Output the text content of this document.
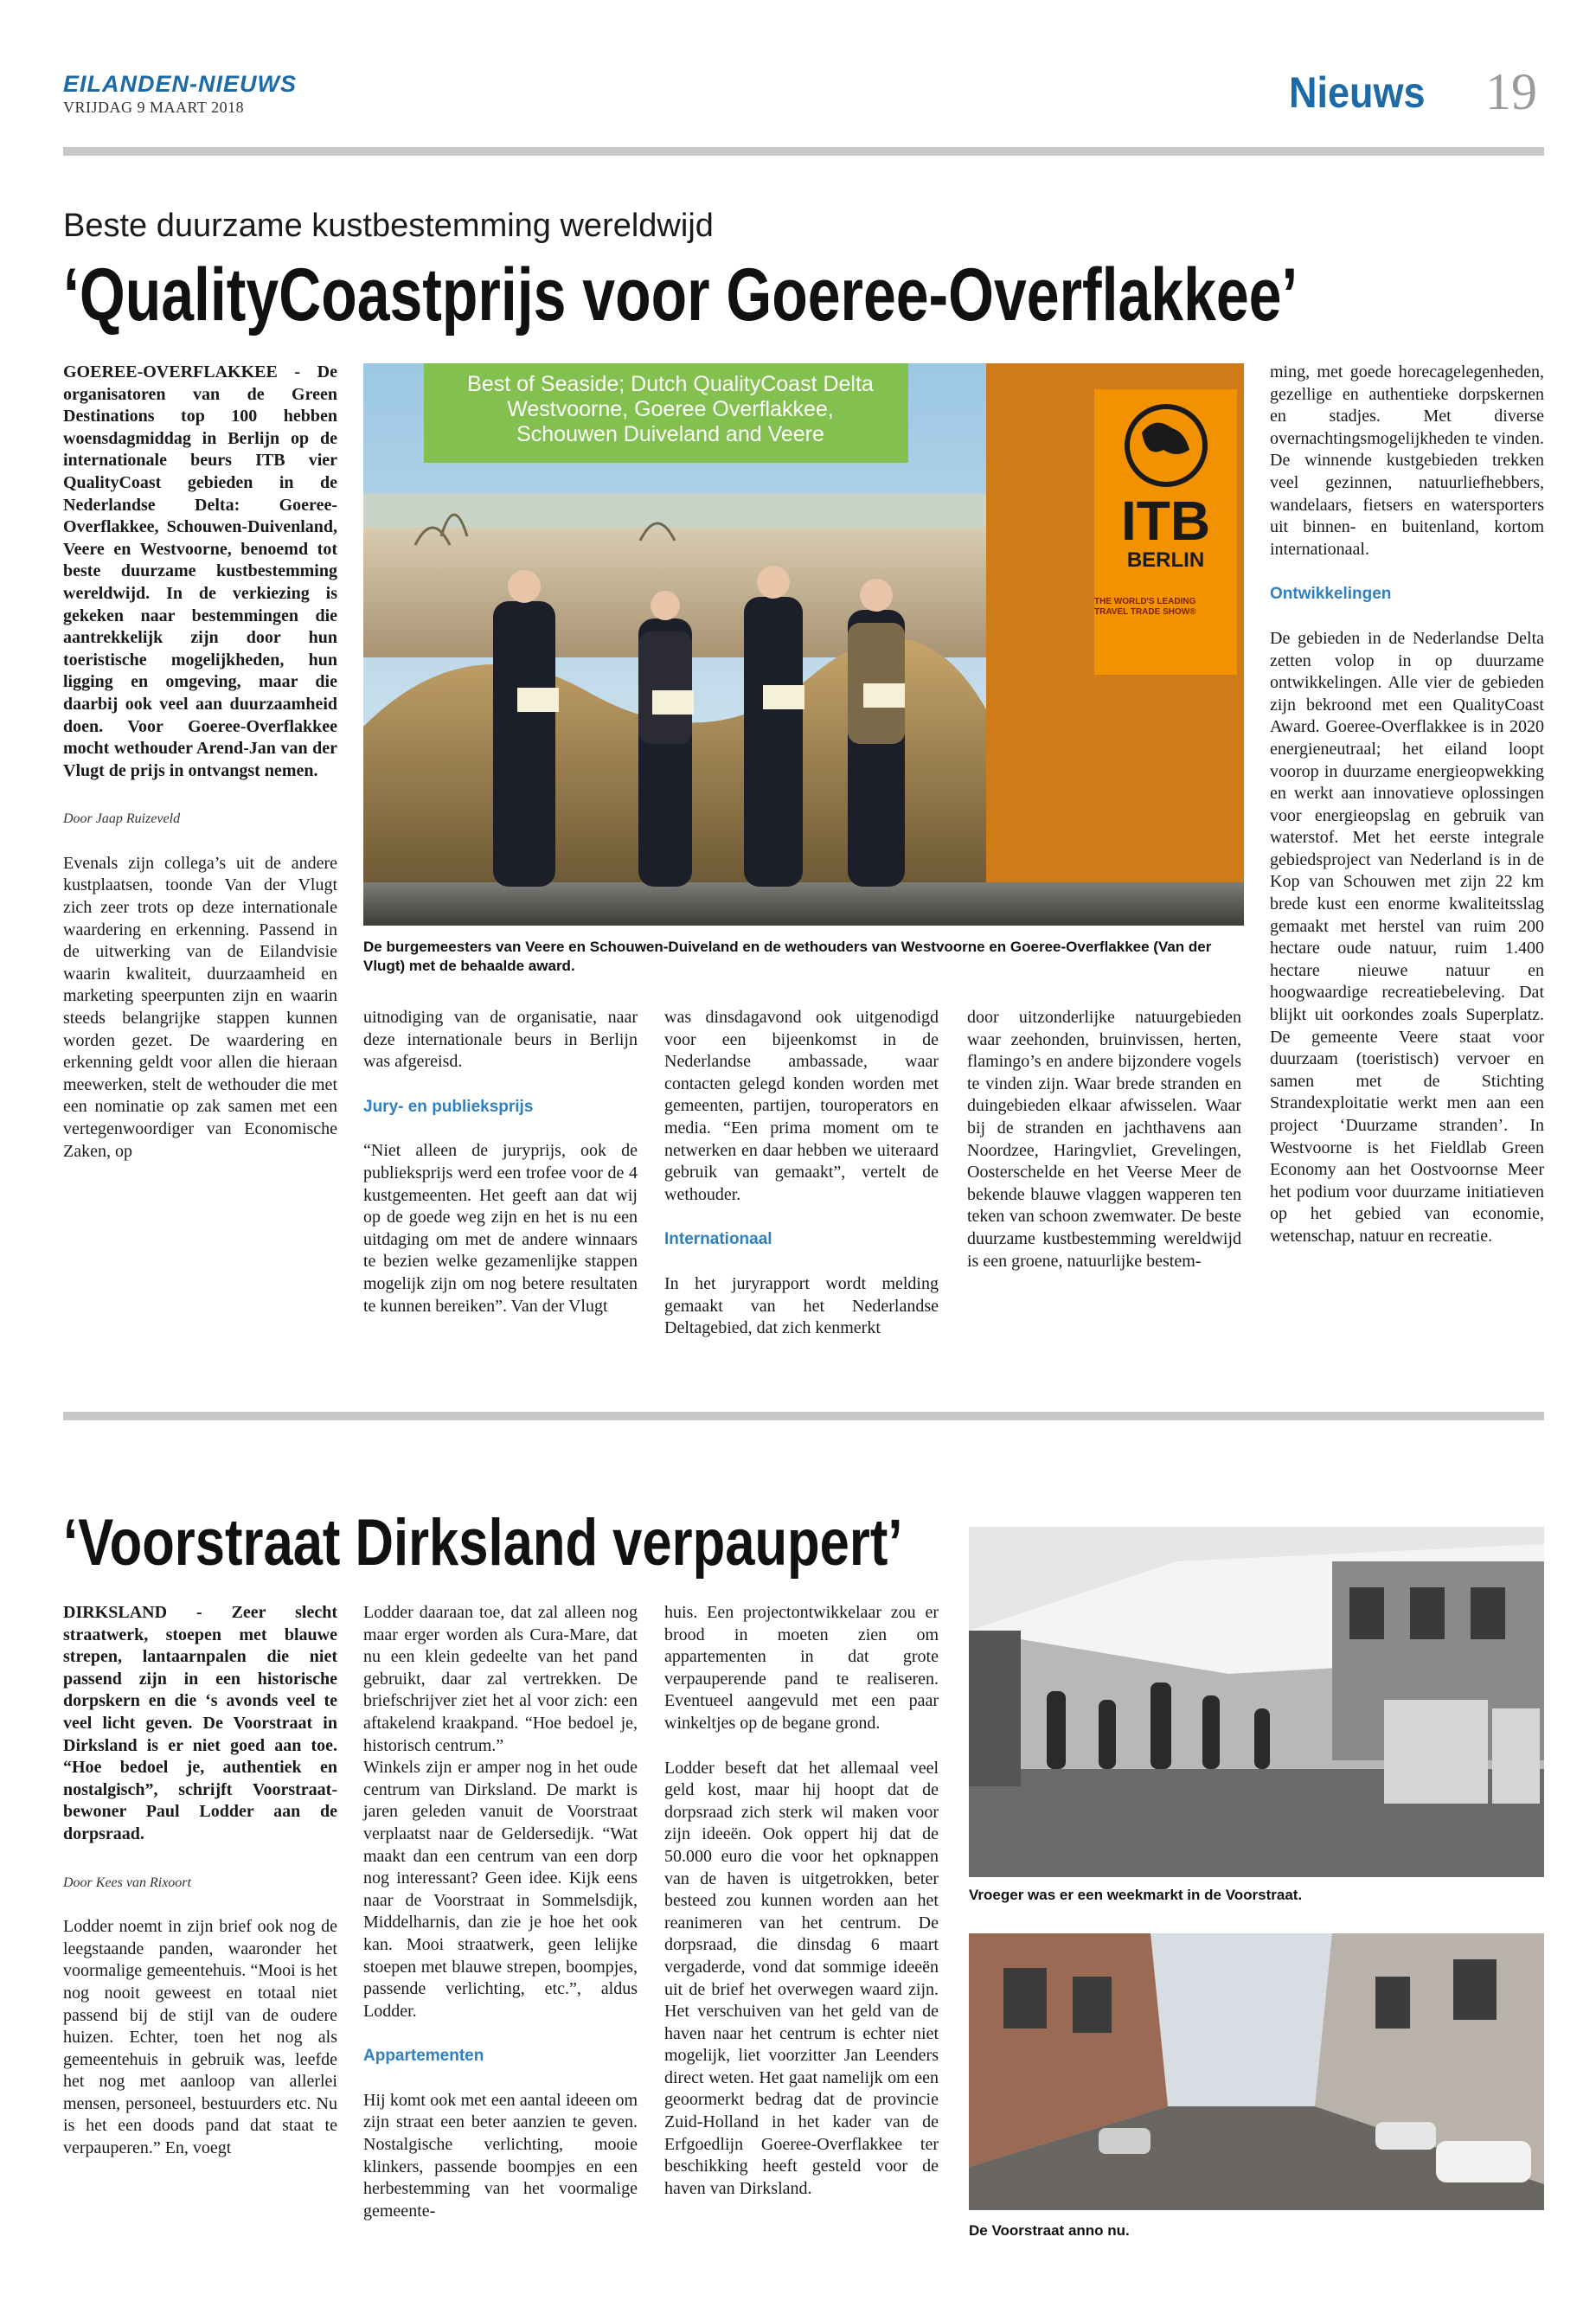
EILANDEN-NIEUWS
VRIJDAG 9 MAART 2018	Nieuws 19
Beste duurzame kustbestemming wereldwijd
‘QualityCoastprijs voor Goeree-Overflakkee’

GOEREE-OVERFLAKKEE - De organisatoren van de Green Destinations top 100 hebben woensdagmiddag in Berlijn op de internationale beurs ITB vier QualityCoast gebieden in de Nederlandse Delta: Goeree-Overflakkee, Schouwen-Duivenland, Veere en Westvoorne, benoemd tot beste duurzame kustbestemming wereldwijd. In de verkiezing is gekeken naar bestemmingen die aantrekkelijk zijn door hun toeristische mogelijkheden, hun ligging en omgeving, maar die daarbij ook veel aan duurzaamheid doen. Voor Goeree-Overflakkee mocht wethouder Arend-Jan van der Vlugt de prijs in ontvangst nemen.

Door Jaap Ruizeveld

Evenals zijn collega’s uit de andere kustplaatsen, toonde Van der Vlugt zich zeer trots op deze internationale waardering en erkenning. Passend in de uitwerking van de Eilandvisie waarin kwaliteit, duurzaamheid en marketing speerpunten zijn en waarin steeds belangrijke stappen kunnen worden gezet. De waardering en erkenning geldt voor allen die hieraan meewerken, stelt de wethouder die met een nominatie op zak samen met een vertegenwoordiger van Economische Zaken, op

Best of Seaside; Dutch QualityCoast Delta Westvoorne, Goeree Overflakkee, Schouwen Duiveland and Veere
ITB
BERLIN
THE WORLD'S LEADING TRAVEL TRADE SHOW®
De burgemeesters van Veere en Schouwen-Duiveland en de wethouders van Westvoorne en Goeree-Overflakkee (Van der Vlugt) met de behaalde award.

uitnodiging van de organisatie, naar deze internationale beurs in Berlijn was afgereisd.

Jury- en publieksprijs

“Niet alleen de juryprijs, ook de publieksprijs werd een trofee voor de 4 kustgemeenten. Het geeft aan dat wij op de goede weg zijn en het is nu een uitdaging om met de andere winnaars te bezien welke gezamenlijke stappen mogelijk zijn om nog betere resultaten te kunnen bereiken”. Van der Vlugt

was dinsdagavond ook uitgenodigd voor een bijeenkomst in de Nederlandse ambassade, waar contacten gelegd konden worden met gemeenten, partijen, touroperators en media. “Een prima moment om te netwerken en daar hebben we uiteraard gebruik van gemaakt”, vertelt de wethouder.

Internationaal

In het juryrapport wordt melding gemaakt van het Nederlandse Deltagebied, dat zich kenmerkt

door uitzonderlijke natuurgebieden waar zeehonden, bruinvissen, herten, flamingo’s en andere bijzondere vogels te vinden zijn. Waar brede stranden en duingebieden elkaar afwisselen. Waar bij de stranden en jachthavens aan Noordzee, Haringvliet, Grevelingen, Oosterschelde en het Veerse Meer de bekende blauwe vlaggen wapperen ten teken van schoon zwemwater. De beste duurzame kustbestemming wereldwijd is een groene, natuurlijke bestem-

ming, met goede horecagelegenheden, gezellige en authentieke dorpskernen en stadjes. Met diverse overnachtingsmogelijkheden te vinden. De winnende kustgebieden trekken veel gezinnen, natuurliefhebbers, wandelaars, fietsers en watersporters uit binnen- en buitenland, kortom internationaal.

Ontwikkelingen

De gebieden in de Nederlandse Delta zetten volop in op duurzame ontwikkelingen. Alle vier de gebieden zijn bekroond met een QualityCoast Award. Goeree-Overflakkee is in 2020 energieneutraal; het eiland loopt voorop in duurzame energieopwekking en werkt aan innovatieve oplossingen voor energieopslag en gebruik van waterstof. Met het eerste integrale gebiedsproject van Nederland is in de Kop van Schouwen met zijn 22 km brede kust een enorme kwaliteitsslag gemaakt met herstel van ruim 200 hectare oude natuur, ruim 1.400 hectare nieuwe natuur en hoogwaardige recreatiebeleving. Dat blijkt uit oorkondes zoals Superplatz. De gemeente Veere staat voor duurzaam (toeristisch) vervoer en samen met de Stichting Strandexploitatie werkt men aan een project ‘Duurzame stranden’. In Westvoorne is het Fieldlab Green Economy aan het Oostvoornse Meer het podium voor duurzame initiatieven op het gebied van economie, wetenschap, natuur en recreatie.

‘Voorstraat Dirksland verpaupert’

DIRKSLAND - Zeer slecht straatwerk, stoepen met blauwe strepen, lantaarnpalen die niet passend zijn in een historische dorpskern en die ‘s avonds veel te veel licht geven. De Voorstraat in Dirksland is er niet goed aan toe. “Hoe bedoel je, authentiek en nostalgisch”, schrijft Voorstraat-bewoner Paul Lodder aan de dorpsraad.

Door Kees van Rixoort

Lodder noemt in zijn brief ook nog de leegstaande panden, waaronder het voormalige gemeentehuis. “Mooi is het nog nooit geweest en totaal niet passend bij de stijl van de oudere huizen. Echter, toen het nog als gemeentehuis in gebruik was, leefde het nog met aanloop van allerlei mensen, personeel, bestuurders etc. Nu is het een doods pand dat staat te verpauperen.” En, voegt

Lodder daaraan toe, dat zal alleen nog maar erger worden als Cura-Mare, dat nu een klein gedeelte van het pand gebruikt, daar zal vertrekken. De briefschrijver ziet het al voor zich: een aftakelend kraakpand. “Hoe bedoel je, historisch centrum.”

Winkels zijn er amper nog in het oude centrum van Dirksland. De markt is jaren geleden vanuit de Voorstraat verplaatst naar de Geldersedijk. “Wat maakt dan een centrum van een dorp nog interessant? Geen idee. Kijk eens naar de Voorstraat in Sommelsdijk, Middelharnis, dan zie je hoe het ook kan. Mooi straatwerk, geen lelijke stoepen met blauwe strepen, boompjes, passende verlichting, etc.”, aldus Lodder.

Appartementen

Hij komt ook met een aantal ideeen om zijn straat een beter aanzien te geven. Nostalgische verlichting, mooie klinkers, passende boompjes en een herbestemming van het voormalige gemeente-

huis. Een projectontwikkelaar zou er brood in moeten zien om appartementen in dat grote verpauperende pand te realiseren. Eventueel aangevuld met een paar winkeltjes op de begane grond.

Lodder beseft dat het allemaal veel geld kost, maar hij hoopt dat de dorpsraad zich sterk wil maken voor zijn ideeën. Ook oppert hij dat de 50.000 euro die voor het opknappen van de haven is uitgetrokken, beter besteed zou kunnen worden aan het reanimeren van het centrum. De dorpsraad, die dinsdag 6 maart vergaderde, vond dat sommige ideeën uit de brief het overwegen waard zijn. Het verschuiven van het geld van de haven naar het centrum is echter niet mogelijk, liet voorzitter Jan Leenders direct weten. Het gaat namelijk om een geoormerkt bedrag dat de provincie Zuid-Holland in het kader van de Erfgoedlijn Goeree-Overflakkee ter beschikking heeft gesteld voor de haven van Dirksland.

Vroeger was er een weekmarkt in de Voorstraat.
De Voorstraat anno nu.
